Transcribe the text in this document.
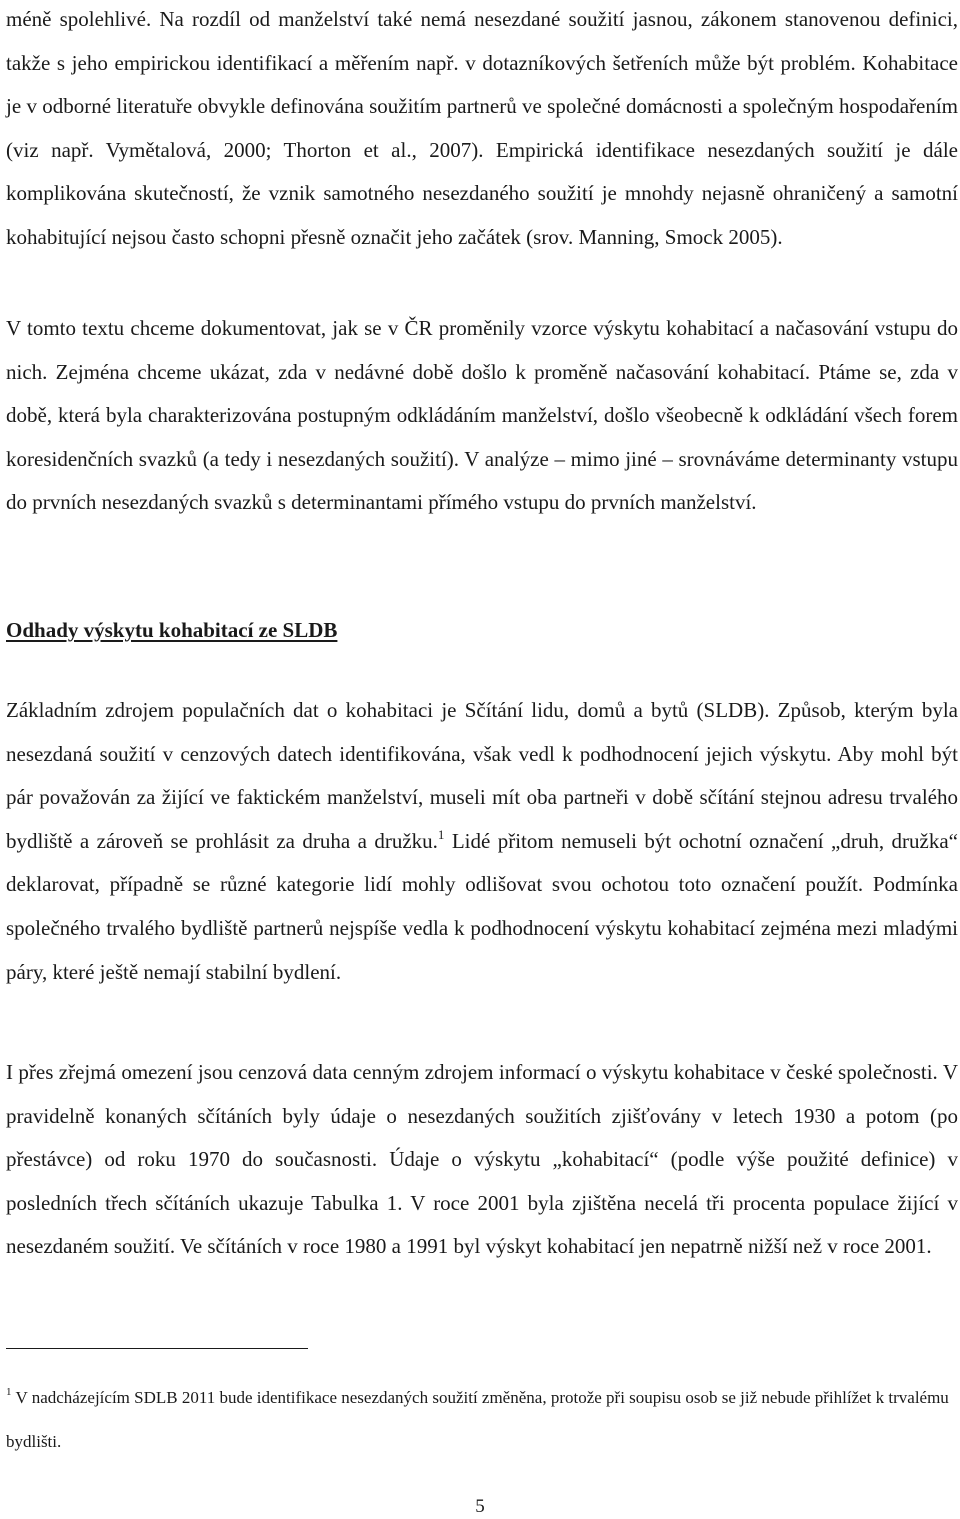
méně spolehlivé. Na rozdíl od manželství také nemá nesezdané soužití jasnou, zákonem stanovenou definici, takže s jeho empirickou identifikací a měřením např. v dotazníkových šetřeních může být problém. Kohabitace je v odborné literatuře obvykle definována soužitím partnerů ve společné domácnosti a společným hospodařením (viz např. Vymětalová, 2000; Thorton et al., 2007). Empirická identifikace nesezdaných soužití je dále komplikována skutečností, že vznik samotného nesezdaného soužití je mnohdy nejasně ohraničený a samotní kohabitující nejsou často schopni přesně označit jeho začátek (srov. Manning, Smock 2005).

V tomto textu chceme dokumentovat, jak se v ČR proměnily vzorce výskytu kohabitací a načasování vstupu do nich. Zejména chceme ukázat, zda v nedávné době došlo k proměně načasování kohabitací. Ptáme se, zda v době, která byla charakterizována postupným odkládáním manželství, došlo všeobecně k odkládání všech forem koresidenčních svazků (a tedy i nesezdaných soužití). V analýze – mimo jiné – srovnáváme determinanty vstupu do prvních nesezdaných svazků s determinantami přímého vstupu do prvních manželství.

Odhady výskytu kohabitací ze SLDB

Základním zdrojem populačních dat o kohabitaci je Sčítání lidu, domů a bytů (SLDB). Způsob, kterým byla nesezdaná soužití v cenzových datech identifikována, však vedl k podhodnocení jejich výskytu. Aby mohl být pár považován za žijící ve faktickém manželství, museli mít oba partneři v době sčítání stejnou adresu trvalého bydliště a zároveň se prohlásit za druha a družku.$^1$ Lidé přitom nemuseli být ochotní označení „druh, družka“ deklarovat, případně se různé kategorie lidí mohly odlišovat svou ochotou toto označení použít. Podmínka společného trvalého bydliště partnerů nejspíše vedla k podhodnocení výskytu kohabitací zejména mezi mladými páry, které ještě nemají stabilní bydlení.

I přes zřejmá omezení jsou cenzová data cenným zdrojem informací o výskytu kohabitace v české společnosti. V pravidelně konaných sčítáních byly údaje o nesezdaných soužitích zjišťovány v letech 1930 a potom (po přestávce) od roku 1970 do současnosti. Údaje o výskytu „kohabitací“ (podle výše použité definice) v posledních třech sčítáních ukazuje Tabulka 1. V roce 2001 byla zjištěna necelá tři procenta populace žijící v nesezdaném soužití. Ve sčítáních v roce 1980 a 1991 byl výskyt kohabitací jen nepatrně nižší než v roce 2001.

$^1$ V nadcházejícím SDLB 2011 bude identifikace nesezdaných soužití změněna, protože při soupisu osob se již nebude přihlížet k trvalému bydlišti.

5
